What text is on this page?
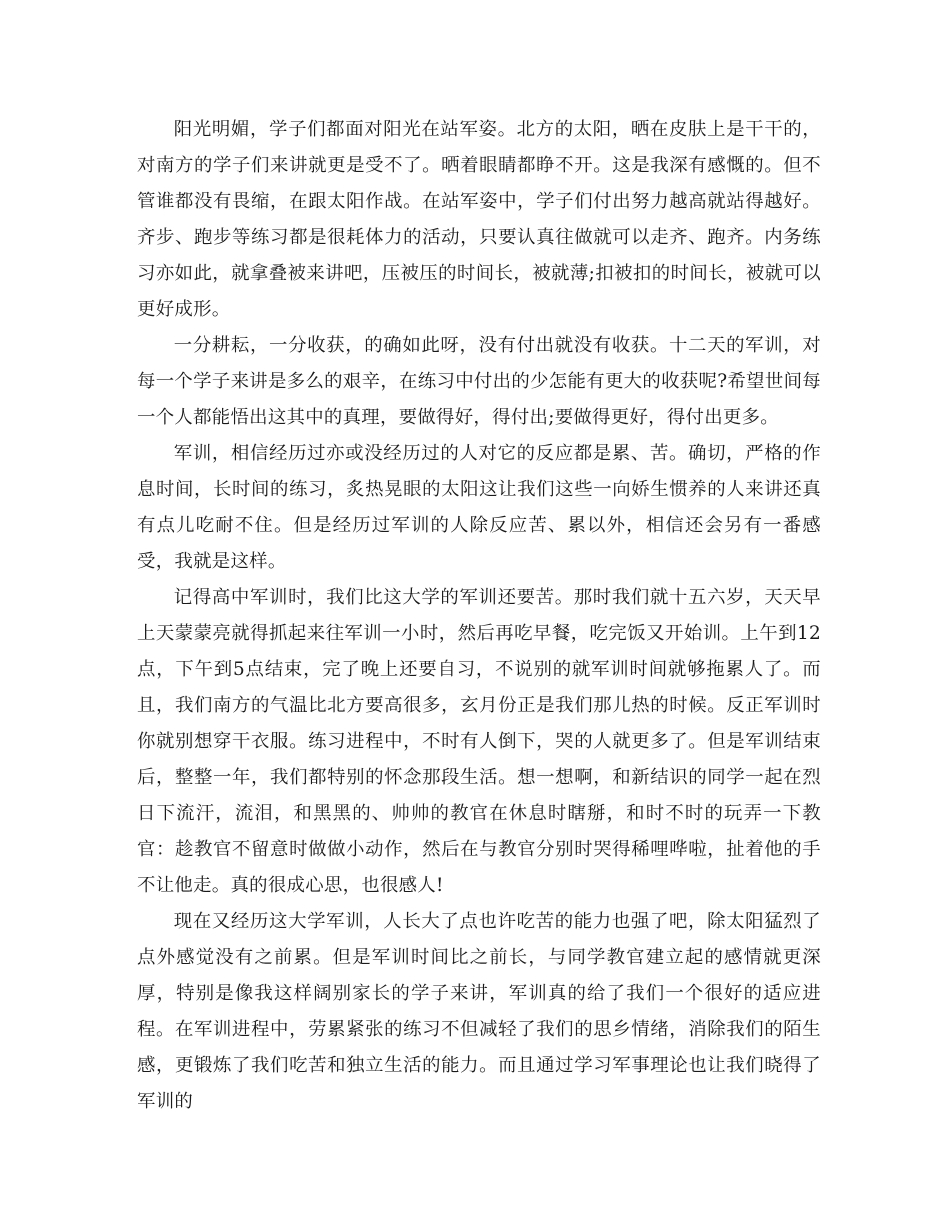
阳光明媚，学子们都面对阳光在站军姿。北方的太阳，晒在皮肤上是干干的，对南方的学子们来讲就更是受不了。晒着眼睛都睁不开。这是我深有感慨的。但不管谁都没有畏缩，在跟太阳作战。在站军姿中，学子们付出努力越高就站得越好。齐步、跑步等练习都是很耗体力的活动，只要认真往做就可以走齐、跑齐。内务练习亦如此，就拿叠被来讲吧，压被压的时间长，被就薄;扣被扣的时间长，被就可以更好成形。

一分耕耘，一分收获，的确如此呀，没有付出就没有收获。十二天的军训，对每一个学子来讲是多么的艰辛，在练习中付出的少怎能有更大的收获呢?希望世间每一个人都能悟出这其中的真理，要做得好，得付出;要做得更好，得付出更多。

军训，相信经历过亦或没经历过的人对它的反应都是累、苦。确切，严格的作息时间，长时间的练习，炙热晃眼的太阳这让我们这些一向娇生惯养的人来讲还真有点儿吃耐不住。但是经历过军训的人除反应苦、累以外，相信还会另有一番感受，我就是这样。

记得高中军训时，我们比这大学的军训还要苦。那时我们就十五六岁，天天早上天蒙蒙亮就得抓起来往军训一小时，然后再吃早餐，吃完饭又开始训。上午到12点，下午到5点结束，完了晚上还要自习，不说别的就军训时间就够拖累人了。而且，我们南方的气温比北方要高很多，玄月份正是我们那儿热的时候。反正军训时你就别想穿干衣服。练习进程中，不时有人倒下，哭的人就更多了。但是军训结束后，整整一年，我们都特别的怀念那段生活。想一想啊，和新结识的同学一起在烈日下流汗，流泪，和黑黑的、帅帅的教官在休息时瞎掰，和时不时的玩弄一下教官：趁教官不留意时做做小动作，然后在与教官分别时哭得稀哩哗啦，扯着他的手不让他走。真的很成心思，也很感人!

现在又经历这大学军训，人长大了点也许吃苦的能力也强了吧，除太阳猛烈了点外感觉没有之前累。但是军训时间比之前长，与同学教官建立起的感情就更深厚，特别是像我这样阔别家长的学子来讲，军训真的给了我们一个很好的适应进程。在军训进程中，劳累紧张的练习不但减轻了我们的思乡情绪，消除我们的陌生感，更锻炼了我们吃苦和独立生活的能力。而且通过学习军事理论也让我们晓得了军训的
